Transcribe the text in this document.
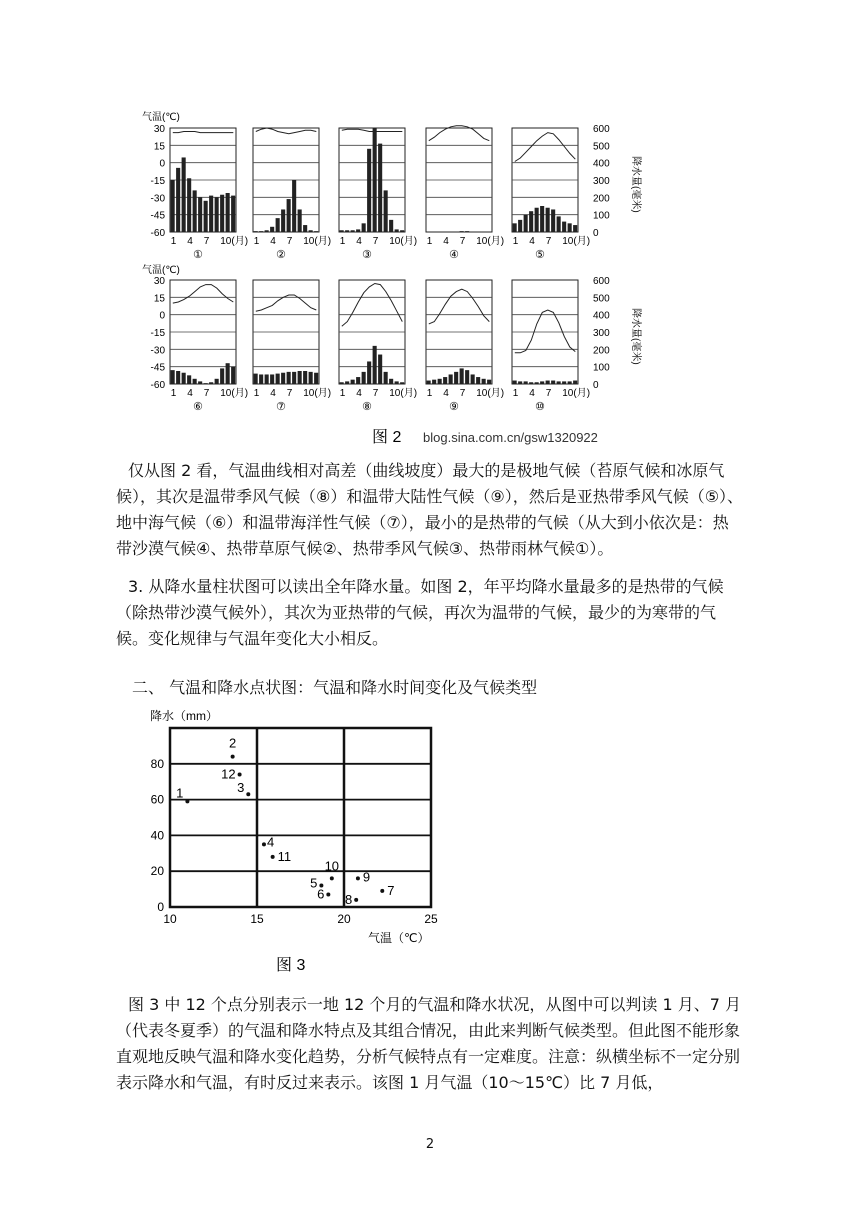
气温(℃)
气温(℃)
降水量(毫米)
降水量(毫米)
30
15
0
-15
-30
-45
-60
600
500
400
300
200
100
0
1 4 7 10(月)
①
1 4 7 10(月)
②
1 4 7 10(月)
③
1 4 7 10(月)
④
1 4 7 10(月)
⑤
30
15
0
-15
-30
-45
-60
600
500
400
300
200
100
0
1 4 7 10(月)
⑥
1 4 7 10(月)
⑦
1 4 7 10(月)
⑧
1 4 7 10(月)
⑨
1 4 7 10(月)
⑩
图 2 blog.sina.com.cn/gsw1320922

仅从图 2 看，气温曲线相对高差（曲线坡度）最大的是极地气候（苔原气候和冰原气候），其次是温带季风气候（⑧）和温带大陆性气候（⑨），然后是亚热带季风气候（⑤）、地中海气候（⑥）和温带海洋性气候（⑦），最小的是热带的气候（从大到小依次是：热带沙漠气候④、热带草原气候②、热带季风气候③、热带雨林气候①）。

3. 从降水量柱状图可以读出全年降水量。如图 2，年平均降水量最多的是热带的气候（除热带沙漠气候外），其次为亚热带的气候，再次为温带的气候，最少的为寒带的气候。变化规律与气温年变化大小相反。

二、 气温和降水点状图：气温和降水时间变化及气候类型

降水（mm）
气温（℃）
图 3
0
20
40
60
80
10	15	20	25
1
2
3
4
5
6	7
8
9
10
11
12

图 3 中 12 个点分别表示一地 12 个月的气温和降水状况，从图中可以判读 1 月、7 月（代表冬夏季）的气温和降水特点及其组合情况，由此来判断气候类型。但此图不能形象直观地反映气温和降水变化趋势，分析气候特点有一定难度。注意：纵横坐标不一定分别表示降水和气温，有时反过来表示。该图 1 月气温（10～15℃）比 7 月低，

2
